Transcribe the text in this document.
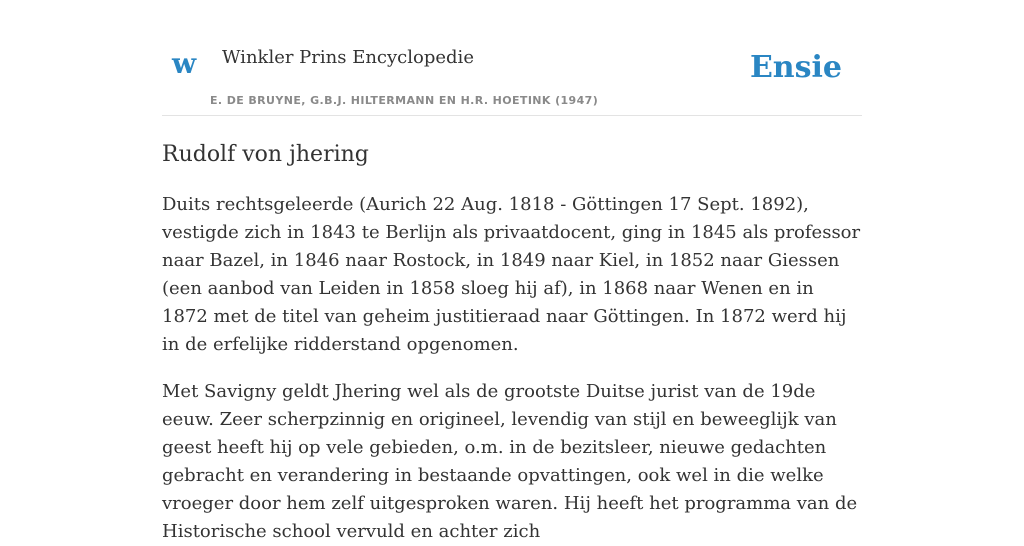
w Winkler Prins Encyclopedie
E. DE BRUYNE, G.B.J. HILTERMANN EN H.R. HOETINK (1947)
Ensie
Rudolf von jhering

Duits rechtsgeleerde (Aurich 22 Aug. 1818 - Göttingen 17 Sept. 1892), vestigde zich in 1843 te Berlijn als privaatdocent, ging in 1845 als professor naar Bazel, in 1846 naar Rostock, in 1849 naar Kiel, in 1852 naar Giessen (een aanbod van Leiden in 1858 sloeg hij af), in 1868 naar Wenen en in 1872 met de titel van geheim justitieraad naar Göttingen. In 1872 werd hij in de erfelijke ridderstand opgenomen.

Met Savigny geldt Jhering wel als de grootste Duitse jurist van de 19de eeuw. Zeer scherpzinnig en origineel, levendig van stijl en beweeglijk van geest heeft hij op vele gebieden, o.m. in de bezitsleer, nieuwe gedachten gebracht en verandering in bestaande opvattingen, ook wel in die welke vroeger door hem zelf uitgesproken waren. Hij heeft het programma van de Historische school vervuld en achter zich
